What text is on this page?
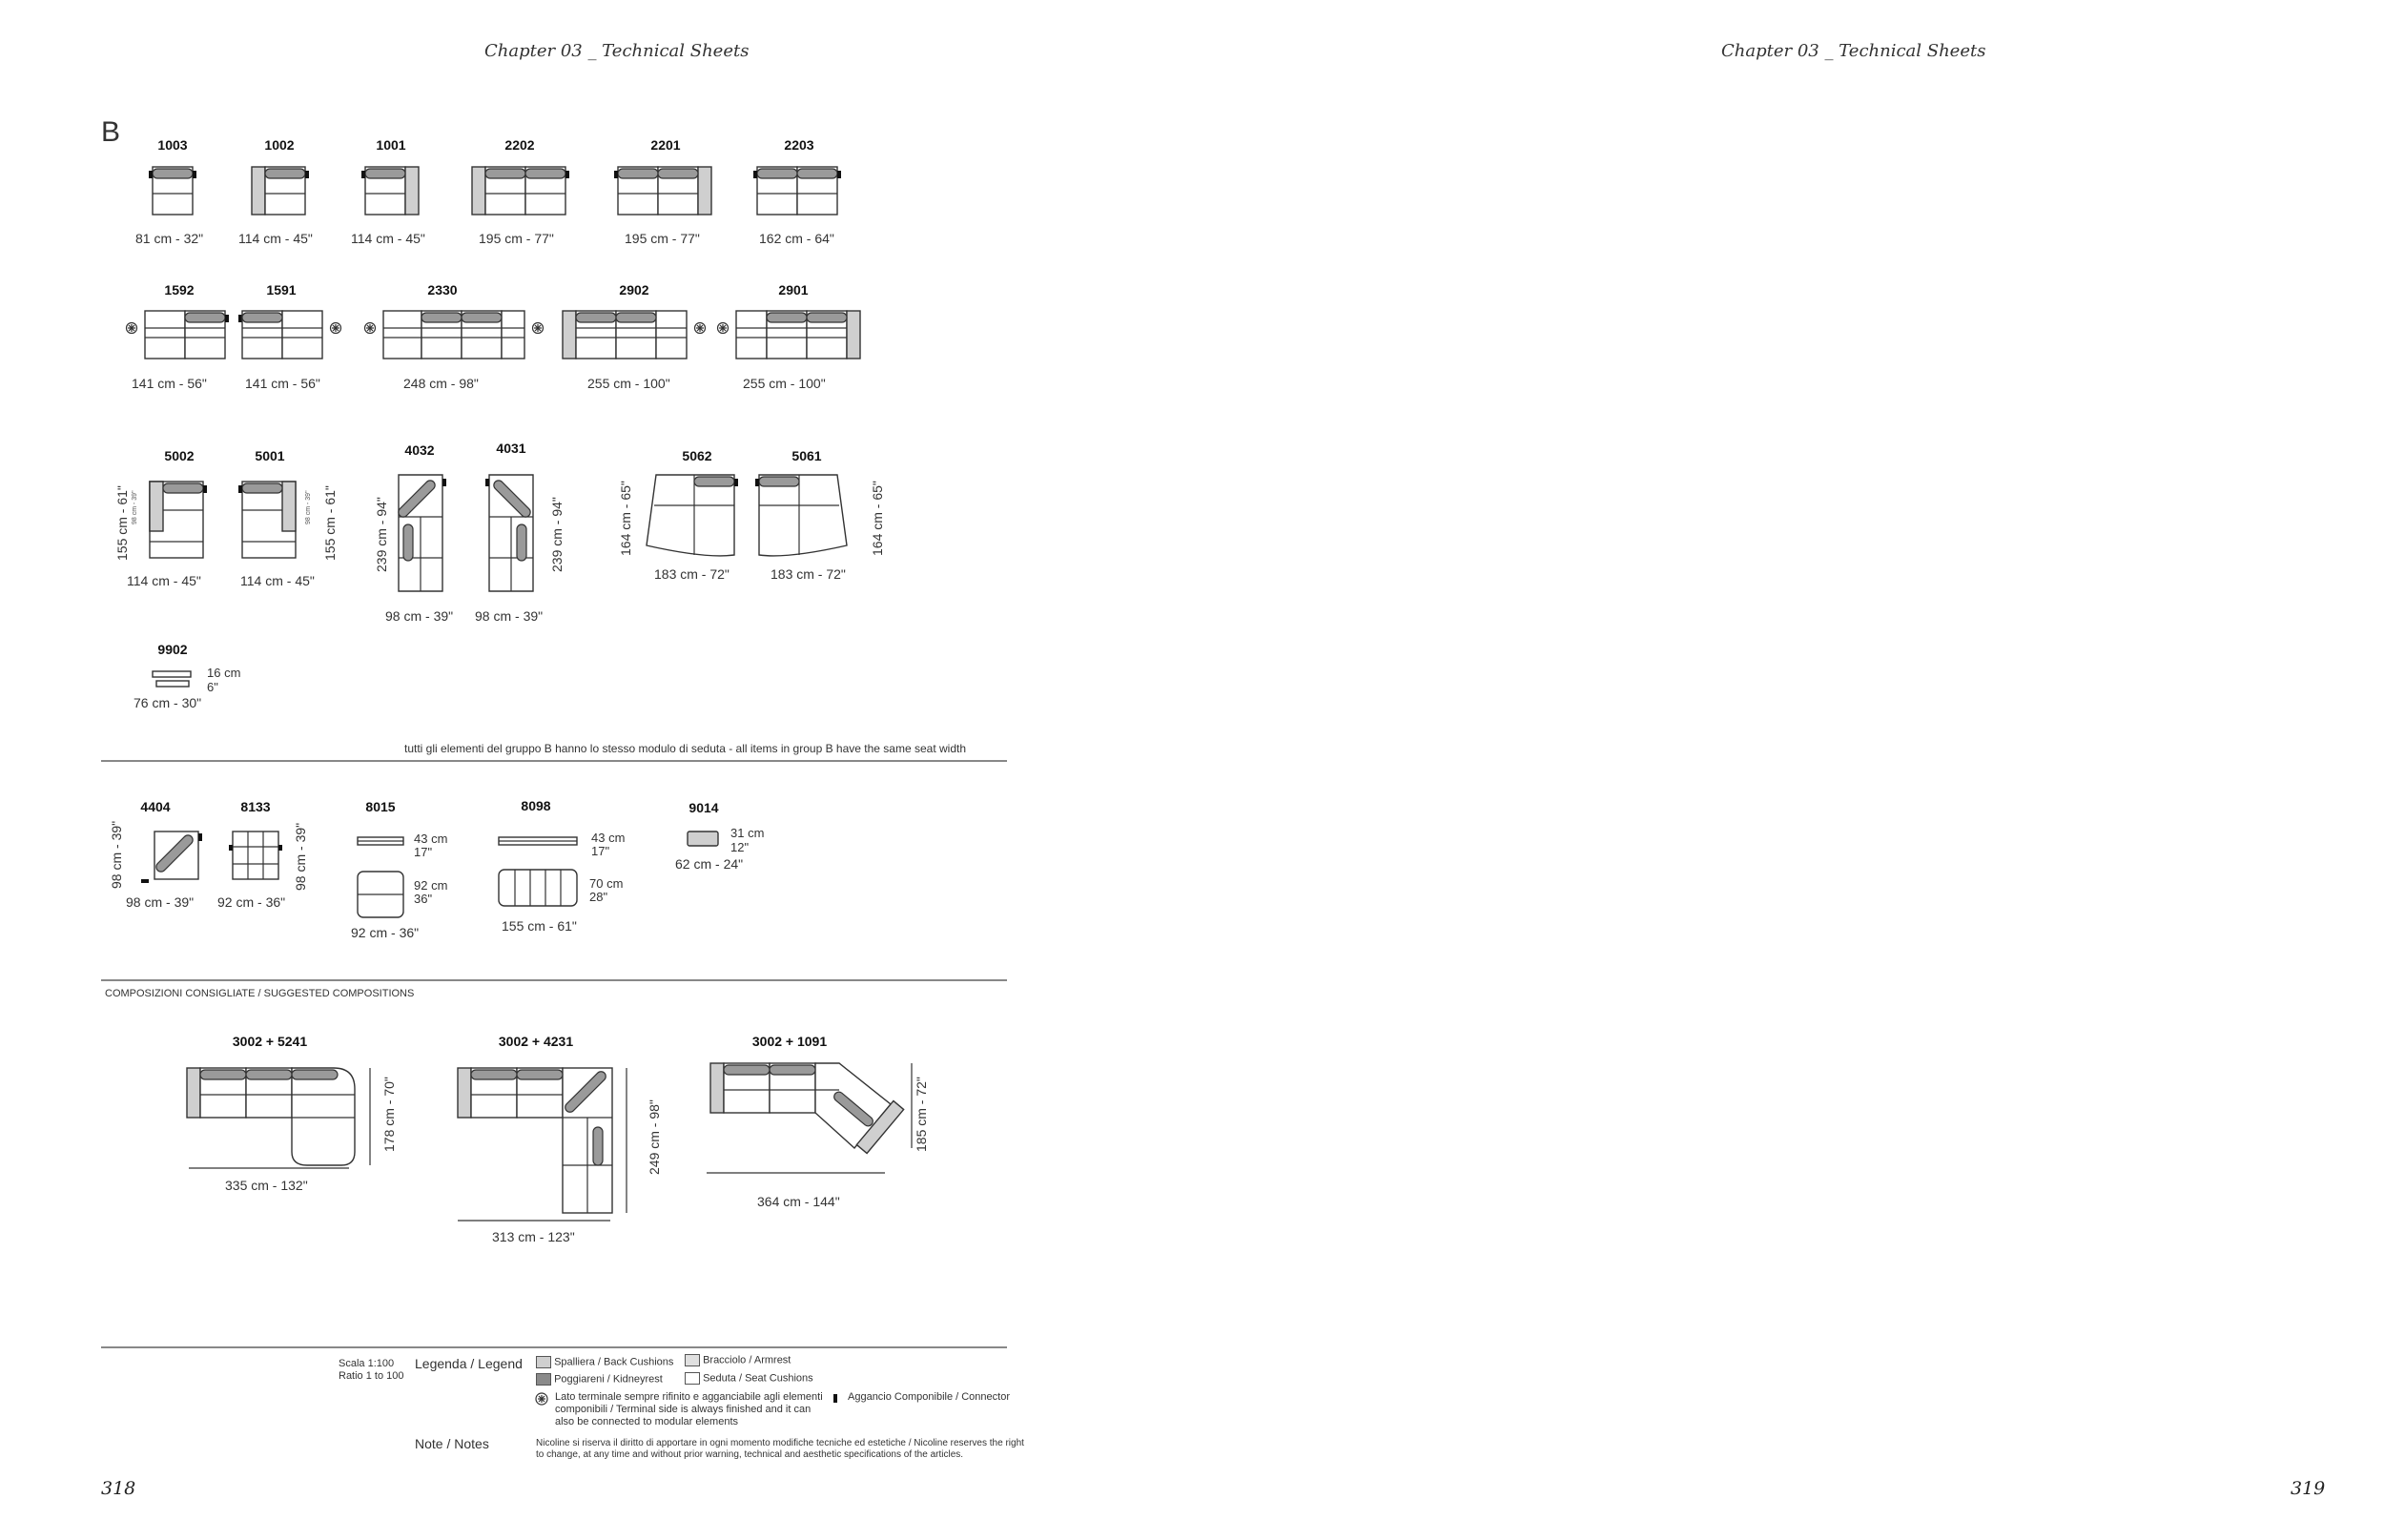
Chapter 03 _ Technical Sheets	Chapter 03 _ Technical Sheets
B	1003	1002	1001	2202	2201	2203
81 cm - 32"	114 cm - 45"	114 cm - 45"	195 cm - 77"	195 cm - 77"	162 cm - 64"
1592	1591	2330	2902	2901
141 cm - 56"	141 cm - 56"	248 cm - 98"	255 cm - 100"	255 cm - 100"
5002	5001	4032	4031	5062	5061
155 cm - 61" 98 cm - 39"	98 cm - 39" 155 cm - 61"
114 cm - 45"	114 cm - 45"
239 cm - 94"	239 cm - 94"
98 cm - 39" 98 cm - 39"
164 cm - 65"	164 cm - 65"
183 cm - 72"	183 cm - 72"
9902
16 cm
6"
76 cm - 30"
tutti gli elementi del gruppo B hanno lo stesso modulo di seduta - all items in group B have the same seat width
4404	8133	8015	8098	9014
98 cm - 39"
98 cm - 39"
98 cm - 39"
92 cm - 36"
43 cm
17"
92 cm
36"
92 cm - 36"
43 cm
17"
70 cm
28"
155 cm - 61"
31 cm
12"
62 cm - 24"
COMPOSIZIONI CONSIGLIATE / SUGGESTED COMPOSITIONS
3002 + 5241	3002 + 4231	3002 + 1091
335 cm - 132"
178 cm - 70"
313 cm - 123"
249 cm - 98"
364 cm - 144"
185 cm - 72"
Scala 1:100
Ratio 1 to 100
Legenda / Legend	Spalliera / Back Cushions	Bracciolo / Armrest
Poggiareni / Kidneyrest	Seduta / Seat Cushions
Lato terminale sempre rifinito e agganciabile agli elementi
componibili / Terminal side is always finished and it can
also be connected to modular elements
Aggancio Componibile / Connector
Note / Notes	Nicoline si riserva il diritto di apportare in ogni momento modifiche tecniche ed estetiche / Nicoline reserves the right
to change, at any time and without prior warning, technical and aesthetic specifications of the articles.
318	319
